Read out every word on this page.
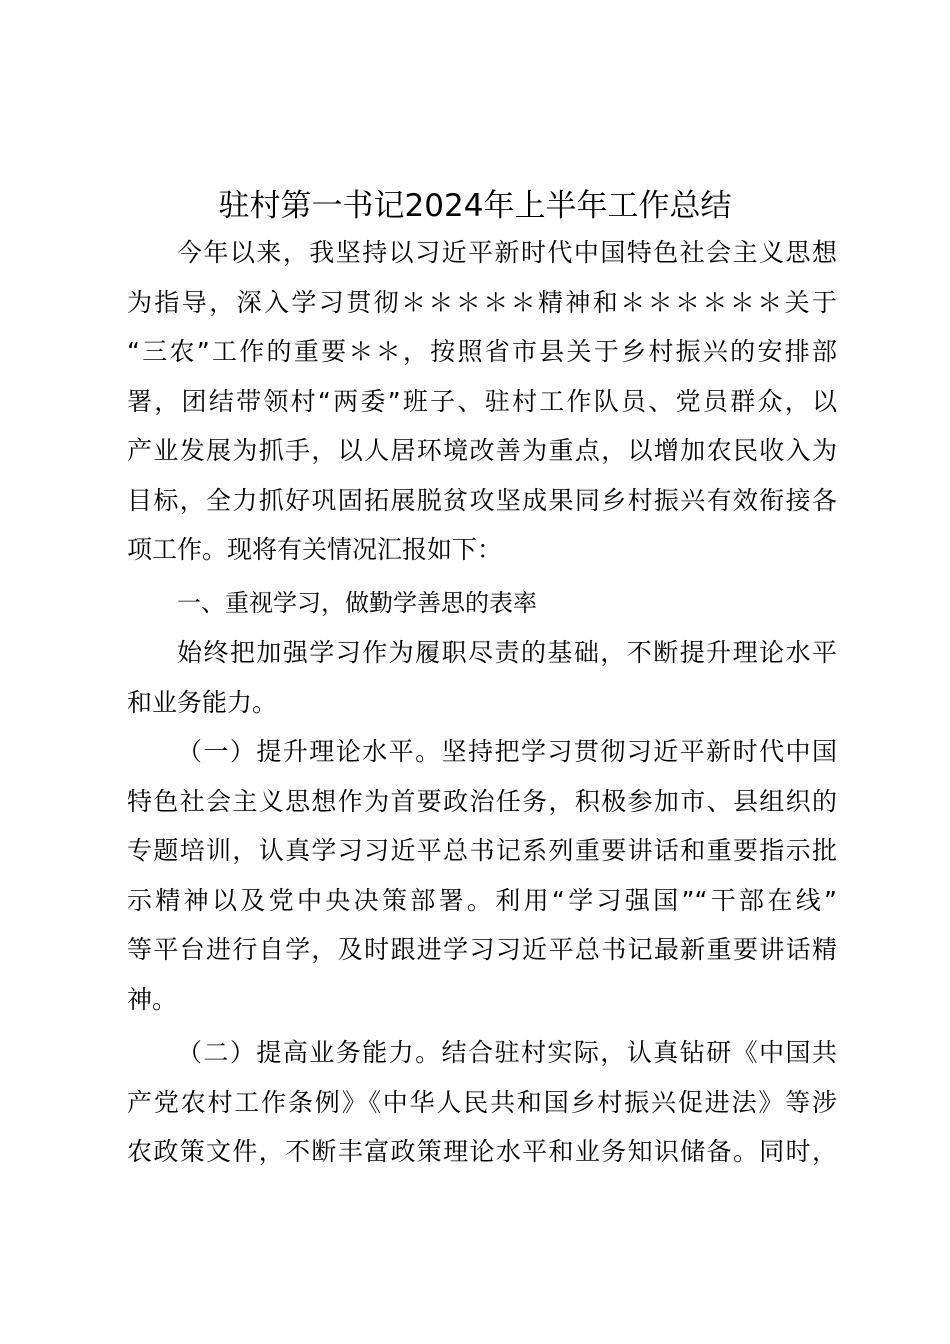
驻村第一书记2024年上半年工作总结
今年以来，我坚持以习近平新时代中国特色社会主义思想
为指导，深入学习贯彻＊＊＊＊＊精神和＊＊＊＊＊＊关于
“三农”工作的重要＊＊，按照省市县关于乡村振兴的安排部
署，团结带领村“两委”班子、驻村工作队员、党员群众，以
产业发展为抓手，以人居环境改善为重点，以增加农民收入为
目标，全力抓好巩固拓展脱贫攻坚成果同乡村振兴有效衔接各
项工作。现将有关情况汇报如下：
一、重视学习，做勤学善思的表率
始终把加强学习作为履职尽责的基础，不断提升理论水平
和业务能力。
（一）提升理论水平。坚持把学习贯彻习近平新时代中国
特色社会主义思想作为首要政治任务，积极参加市、县组织的
专题培训，认真学习习近平总书记系列重要讲话和重要指示批
示精神以及党中央决策部署。利用“学习强国”“干部在线”
等平台进行自学，及时跟进学习习近平总书记最新重要讲话精
神。
（二）提高业务能力。结合驻村实际，认真钻研《中国共
产党农村工作条例》《中华人民共和国乡村振兴促进法》等涉
农政策文件，不断丰富政策理论水平和业务知识储备。同时，
